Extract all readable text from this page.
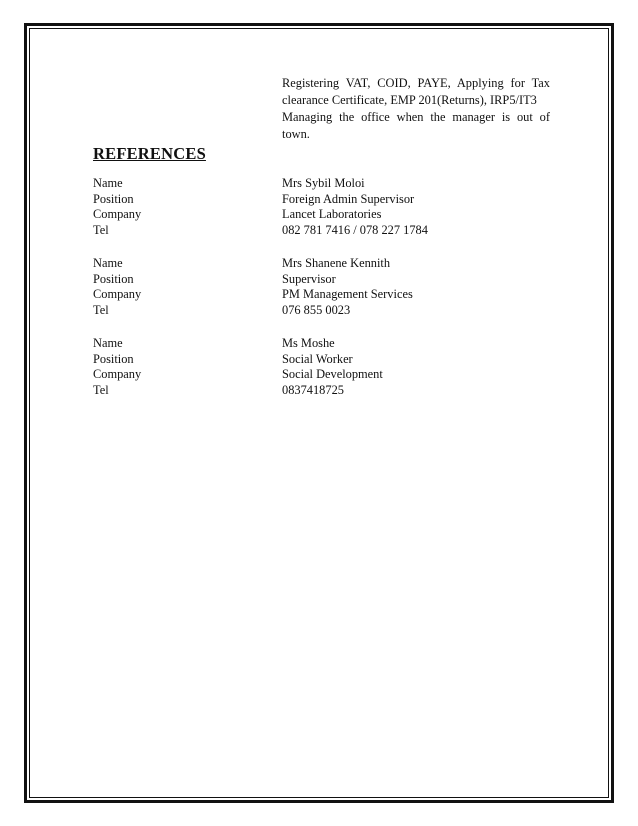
Registering VAT, COID, PAYE, Applying for Tax clearance Certificate, EMP 201(Returns), IRP5/IT3

Managing the office when the manager is out of town.

REFERENCES
Name	Mrs Sybil Moloi
Position	Foreign Admin Supervisor
Company	Lancet Laboratories
Tel	082 781 7416 / 078 227 1784
Name	Mrs Shanene Kennith
Position	Supervisor
Company	PM Management Services
Tel	076 855 0023
Name	Ms Moshe
Position	Social Worker
Company	Social Development
Tel	0837418725
